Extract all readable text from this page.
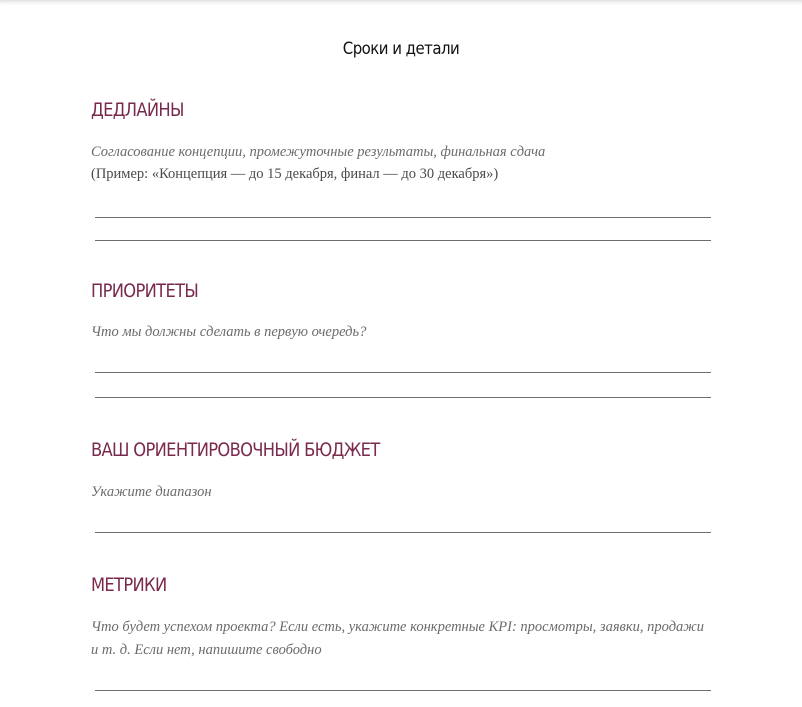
Сроки и детали
ДЕДЛАЙНЫ
Согласование концепции, промежуточные результаты, финальная сдача
(Пример: «Концепция — до 15 декабря, финал — до 30 декабря»)
ПРИОРИТЕТЫ
Что мы должны сделать в первую очередь?
ВАШ ОРИЕНТИРОВОЧНЫЙ БЮДЖЕТ
Укажите диапазон
МЕТРИКИ
Что будет успехом проекта? Если есть, укажите конкретные KPI: просмотры, заявки, продажи
и т. д. Если нет, напишите свободно
